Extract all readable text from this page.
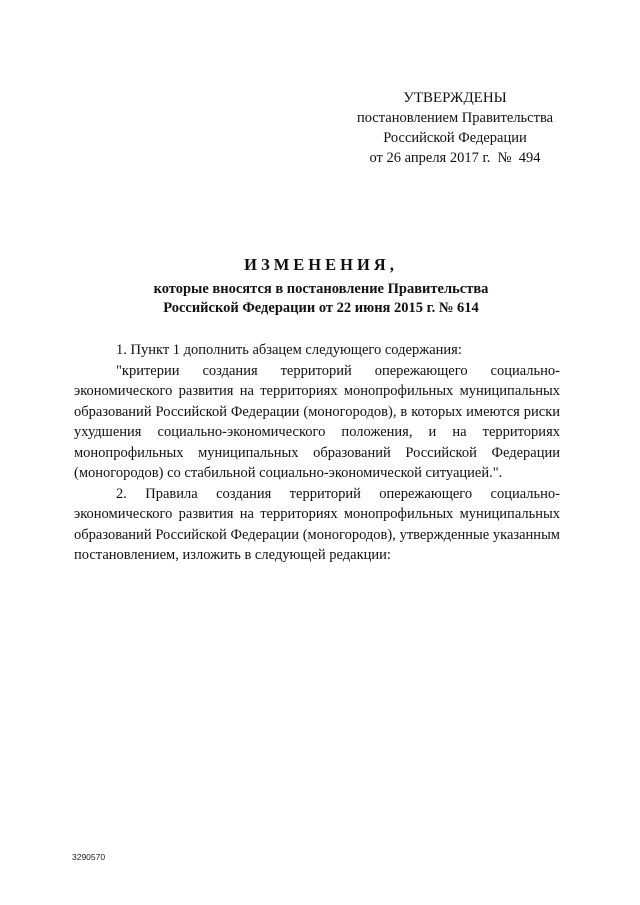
УТВЕРЖДЕНЫ
постановлением Правительства
Российской Федерации
от 26 апреля 2017 г.  №  494
ИЗМЕНЕНИЯ,
которые вносятся в постановление Правительства
Российской Федерации от 22 июня 2015 г. № 614

1. Пункт 1 дополнить абзацем следующего содержания:

"критерии создания территорий опережающего социально-экономического развития на территориях монопрофильных муниципальных образований Российской Федерации (моногородов), в которых имеются риски ухудшения социально-экономического положения, и на территориях монопрофильных муниципальных образований Российской Федерации (моногородов) со стабильной социально-экономической ситуацией.".

2. Правила создания территорий опережающего социально-экономического развития на территориях монопрофильных муниципальных образований Российской Федерации (моногородов), утвержденные указанным постановлением, изложить в следующей редакции:

3290570
